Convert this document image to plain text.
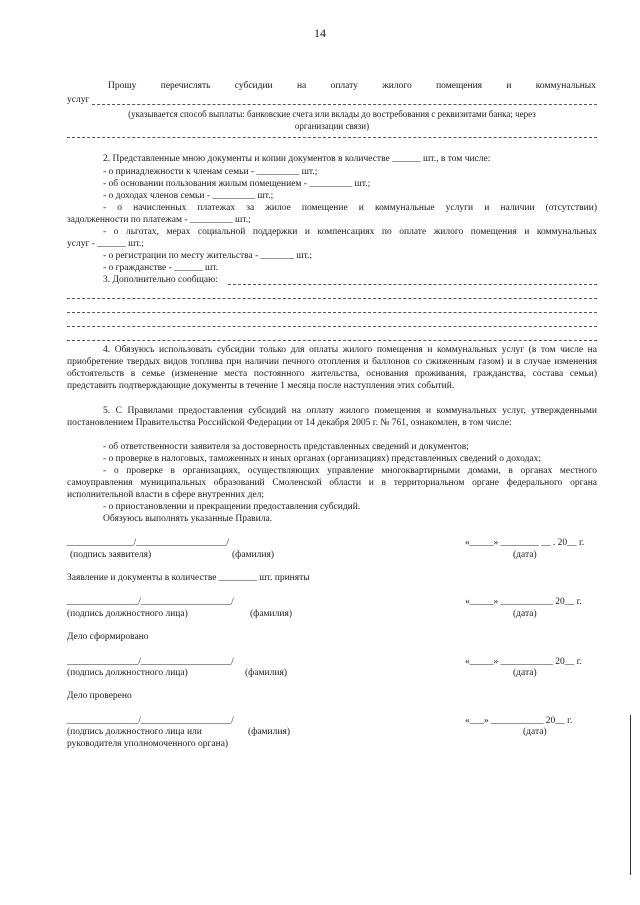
14
Прошу	перечислять	субсидии	на	оплату	жилого	помещения	и	коммунальных
услуг
(указывается способ выплаты: банковские счета или вклады до востребования с реквизитами банка; через
организации связи)
2. Представленные мною документы и копии документов в количестве ______ шт., в том числе:
- о принадлежности к членам семьи - _________ шт.;
- об основании пользования жилым помещением - _________ шт.;
- о доходах членов семьи - _________ шт.;
- о начисленных платежах за жилое помещение и коммунальные услуги и наличии (отсутствии)
задолженности по платежам - _________ шт.;
- о льготах, мерах социальной поддержки и компенсациях по оплате жилого помещения и коммунальных
услуг - ______ шт.;
- о регистрации по месту жительства - _______ шт.;
- о гражданстве - ______ шт.
3. Дополнительно сообщаю:
4. Обязуюсь использовать субсидии только для оплаты жилого помещения и коммунальных услуг (в том числе на приобретение твердых видов топлива при наличии печного отопления и баллонов со сжиженным газом) и в случае изменения обстоятельств в семье (изменение места постоянного жительства, основания проживания, гражданства, состава семьи) представить подтверждающие документы в течение 1 месяца после наступления этих событий.
5. С Правилами предоставления субсидий на оплату жилого помещения и коммунальных услуг, утвержденными постановлением Правительства Российской Федерации от 14 декабря 2005 г. № 761, ознакомлен, в том числе:
- об ответственности заявителя за достоверность представленных сведений и документов;
- о проверке в налоговых, таможенных и иных органах (организациях) представленных сведений о доходах;
- о проверке в организациях, осуществляющих управление многоквартирными домами, в органах местного самоуправления муниципальных образований Смоленской области и в территориальном органе федерального органа исполнительной власти в сфере внутренних дел;
- о приостановлении и прекращении предоставления субсидий.
Обязуюсь выполнять указанные Правила.
______________/___________________/	«_____» ________ __ . 20__ г.
(подпись заявителя)	(фамилия)	(дата)
Заявление и документы в количестве ________ шт. приняты
_______________/___________________/	«_____» ___________ 20__ г.
(подпись должностного лица)	(фамилия)	(дата)
Дело сформировано
_______________/___________________/	«_____» ___________ 20__ г.
(подпись должностного лица)	(фамилия)	(дата)
Дело проверено
_______________/___________________/	«___» ___________ 20__ г.
(подпись должностного лица или	(фамилия)	(дата)
руководителя уполномоченного органа)
